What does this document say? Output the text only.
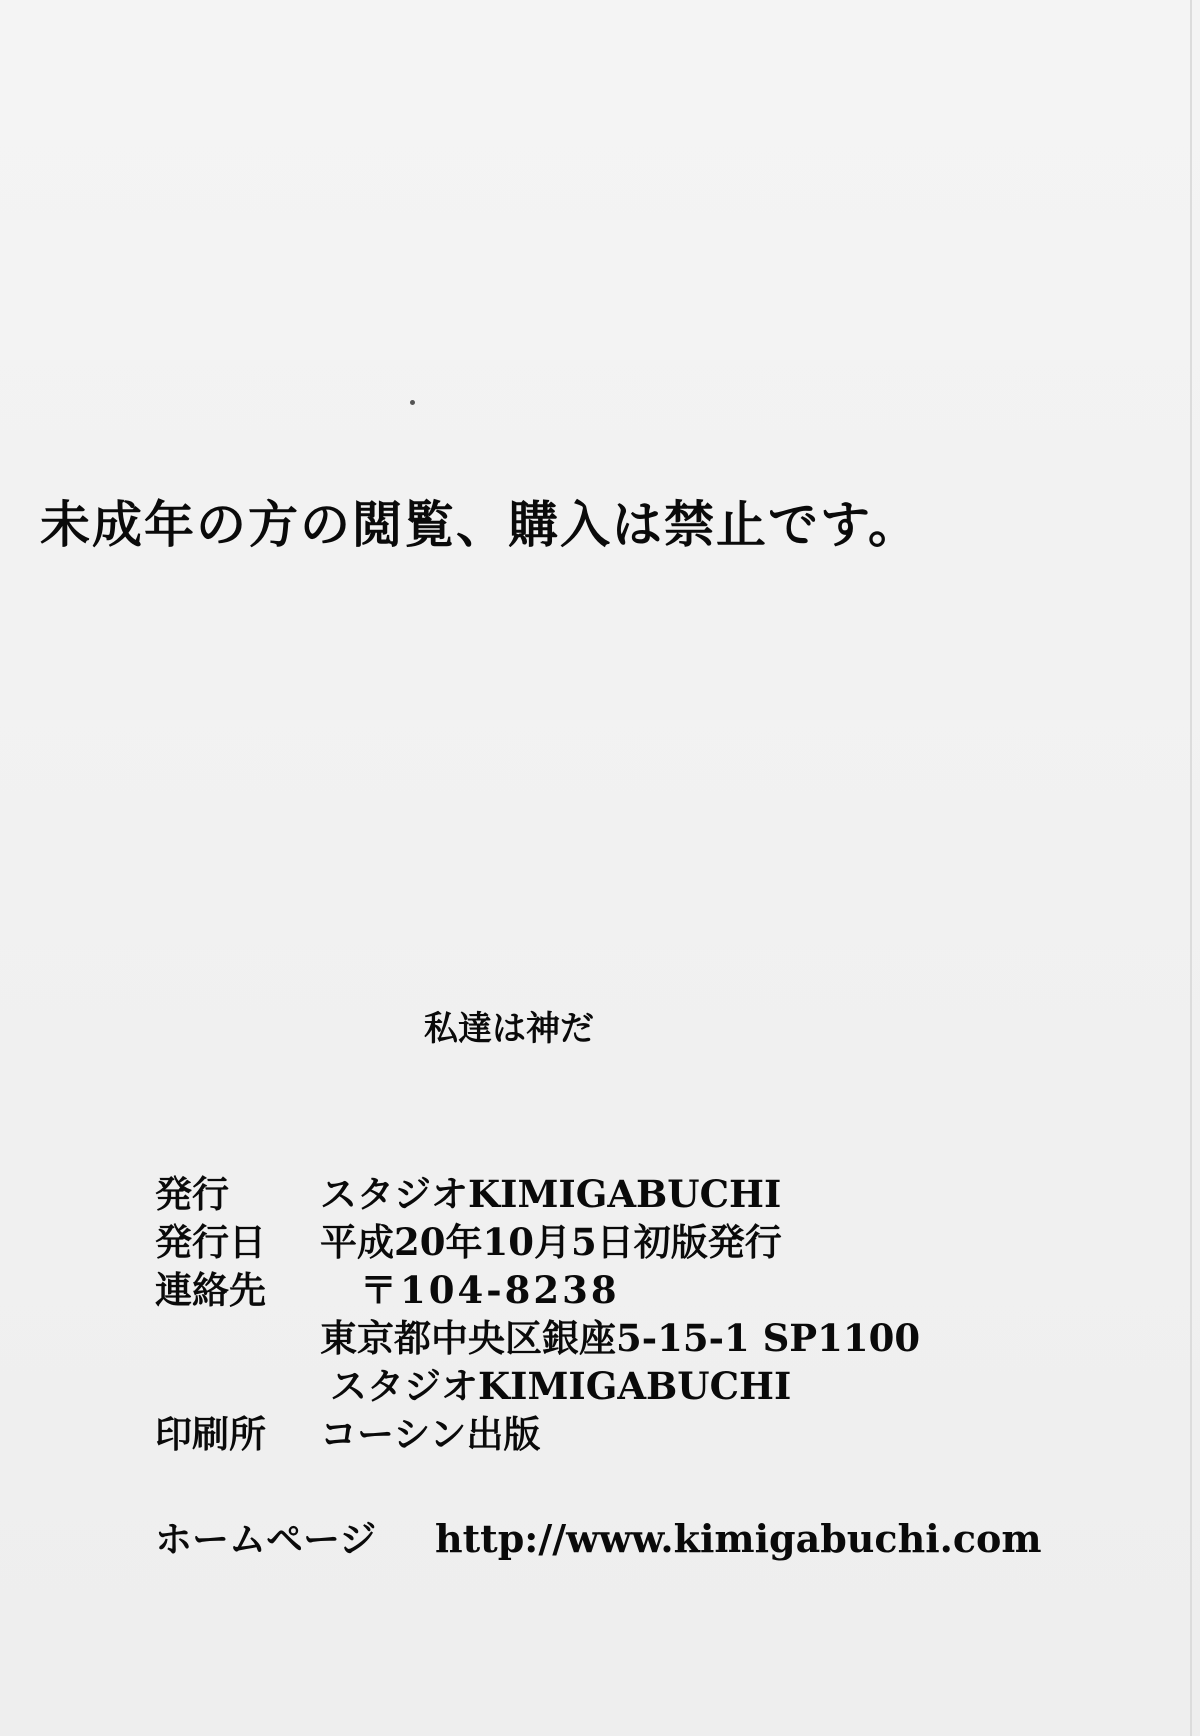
未成年の方の閲覧、購入は禁止です。
私達は神だ
発行	スタジオKIMIGABUCHI
発行日	平成20年10月5日初版発行
連絡先	〒104-8238
東京都中央区銀座5-15-1 SP1100
スタジオKIMIGABUCHI
印刷所	コーシン出版
ホームページ	http://www.kimigabuchi.com
